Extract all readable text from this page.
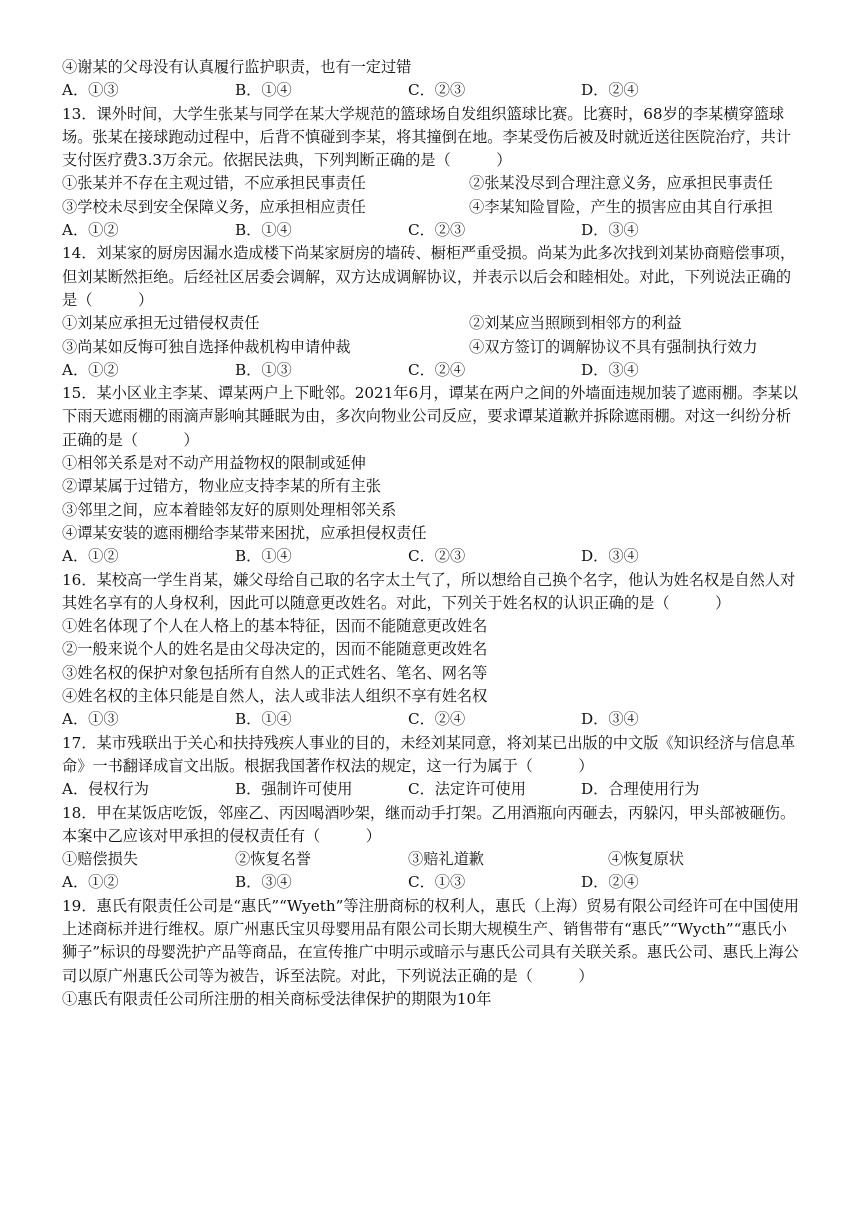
④谢某的父母没有认真履行监护职责，也有一定过错

A．①③	B．①④	C．②③	D．②④

13．课外时间，大学生张某与同学在某大学规范的篮球场自发组织篮球比赛。比赛时，68岁的李某横穿篮球场。张某在接球跑动过程中，后背不慎碰到李某，将其撞倒在地。李某受伤后被及时就近送往医院治疗，共计支付医疗费3.3万余元。依据民法典，下列判断正确的是（　　　）

①张某并不存在主观过错，不应承担民事责任	②张某没尽到合理注意义务，应承担民事责任
③学校未尽到安全保障义务，应承担相应责任	④李某知险冒险，产生的损害应由其自行承担
A．①②	B．①④	C．②③	D．③④

14．刘某家的厨房因漏水造成楼下尚某家厨房的墙砖、橱柜严重受损。尚某为此多次找到刘某协商赔偿事项，但刘某断然拒绝。后经社区居委会调解，双方达成调解协议，并表示以后会和睦相处。对此，下列说法正确的是（　　　）

①刘某应承担无过错侵权责任	②刘某应当照顾到相邻方的利益
③尚某如反悔可独自选择仲裁机构申请仲裁	④双方签订的调解协议不具有强制执行效力
A．①②	B．①③	C．②④	D．③④

15．某小区业主李某、谭某两户上下毗邻。2021年6月，谭某在两户之间的外墙面违规加装了遮雨棚。李某以下雨天遮雨棚的雨滴声影响其睡眠为由，多次向物业公司反应，要求谭某道歉并拆除遮雨棚。对这一纠纷分析正确的是（　　　）

①相邻关系是对不动产用益物权的限制或延伸

②谭某属于过错方，物业应支持李某的所有主张

③邻里之间，应本着睦邻友好的原则处理相邻关系

④谭某安装的遮雨棚给李某带来困扰，应承担侵权责任

A．①②	B．①④	C．②③	D．③④

16．某校高一学生肖某，嫌父母给自己取的名字太土气了，所以想给自己换个名字，他认为姓名权是自然人对其姓名享有的人身权利，因此可以随意更改姓名。对此，下列关于姓名权的认识正确的是（　　　）

①姓名体现了个人在人格上的基本特征，因而不能随意更改姓名

②一般来说个人的姓名是由父母决定的，因而不能随意更改姓名

③姓名权的保护对象包括所有自然人的正式姓名、笔名、网名等

④姓名权的主体只能是自然人，法人或非法人组织不享有姓名权

A．①③	B．①④	C．②④	D．③④

17．某市残联出于关心和扶持残疾人事业的目的，未经刘某同意，将刘某已出版的中文版《知识经济与信息革命》一书翻译成盲文出版。根据我国著作权法的规定，这一行为属于（　　　）

A．侵权行为	B．强制许可使用	C．法定许可使用	D．合理使用行为

18．甲在某饭店吃饭，邻座乙、丙因喝酒吵架，继而动手打架。乙用酒瓶向丙砸去，丙躲闪，甲头部被砸伤。本案中乙应该对甲承担的侵权责任有（　　　）

①赔偿损失	②恢复名誉	③赔礼道歉	④恢复原状
A．①②	B．③④	C．①③	D．②④

19．惠氏有限责任公司是“惠氏”“Wyeth”等注册商标的权利人，惠氏（上海）贸易有限公司经许可在中国使用上述商标并进行维权。原广州惠氏宝贝母婴用品有限公司长期大规模生产、销售带有“惠氏”“Wycth”“惠氏小狮子”标识的母婴洗护产品等商品，在宣传推广中明示或暗示与惠氏公司具有关联关系。惠氏公司、惠氏上海公司以原广州惠氏公司等为被告，诉至法院。对此，下列说法正确的是（　　　）

①惠氏有限责任公司所注册的相关商标受法律保护的期限为10年
